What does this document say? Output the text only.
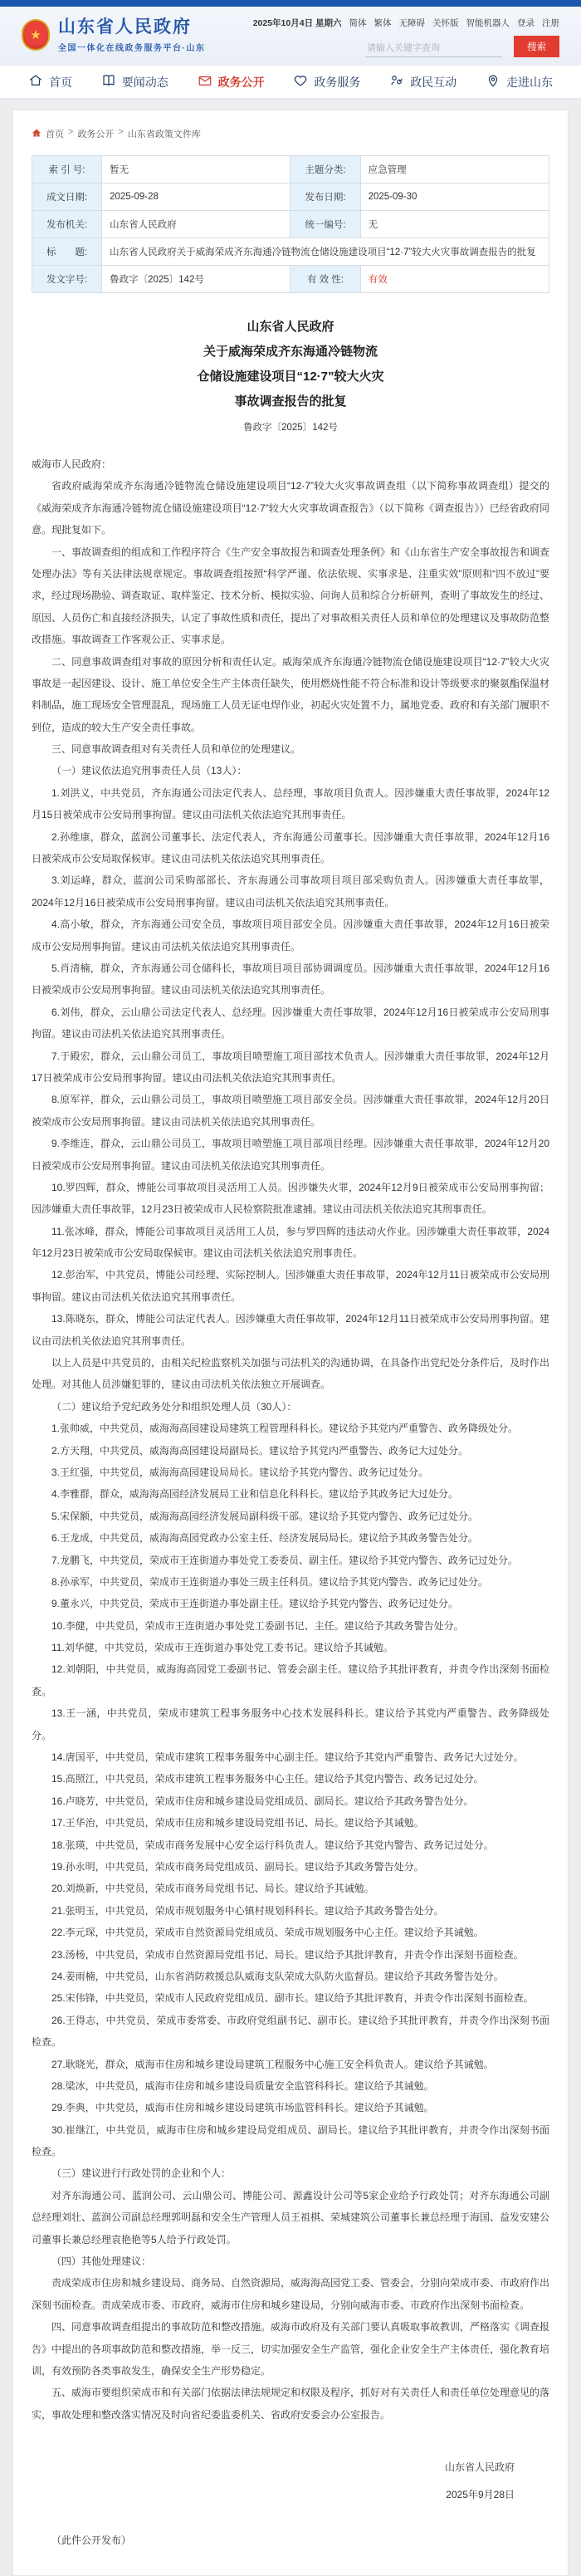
★
山东省人民政府
全国一体化在线政务服务平台·山东
2025年10月4日 星期六 简体 繁体 无障碍 关怀版 智能机器人 登录 注册
请输入关键字查询
搜索
首页	要闻动态	政务公开	政务服务	政民互动	走进山东
首页 > 政务公开 > 山东省政策文件库
索 引 号:	暂无	主题分类:	应急管理
成文日期:	2025-09-28	发布日期:	2025-09-30
发布机关:	山东省人民政府	统一编号:	无
标　　题:	山东省人民政府关于威海荣成齐东海通冷链物流仓储设施建设项目“12·7”较大火灾事故调查报告的批复		
发文字号:	鲁政字〔2025〕142号	有 效 性:	有效
山东省人民政府
关于威海荣成齐东海通冷链物流
仓储设施建设项目“12·7”较大火灾
事故调查报告的批复
鲁政字〔2025〕142号

威海市人民政府：

省政府威海荣成齐东海通冷链物流仓储设施建设项目“12·7”较大火灾事故调查组（以下简称事故调查组）提交的《威海荣成齐东海通冷链物流仓储设施建设项目“12·7”较大火灾事故调查报告》（以下简称《调查报告》）已经省政府同意。现批复如下。

一、事故调查组的组成和工作程序符合《生产安全事故报告和调查处理条例》和《山东省生产安全事故报告和调查处理办法》等有关法律法规章规定。事故调查组按照“科学严谨、依法依规、实事求是、注重实效”原则和“四不放过”要求，经过现场勘验、调查取证、取样鉴定、技术分析、模拟实验、问询人员和综合分析研判，查明了事故发生的经过、原因、人员伤亡和直接经济损失，认定了事故性质和责任，提出了对事故相关责任人员和单位的处理建议及事故防范整改措施。事故调查工作客观公正、实事求是。

二、同意事故调查组对事故的原因分析和责任认定。威海荣成齐东海通冷链物流仓储设施建设项目“12·7”较大火灾事故是一起因建设、设计、施工单位安全生产主体责任缺失，使用燃烧性能不符合标准和设计等级要求的聚氨酯保温材料制品，施工现场安全管理混乱，现场施工人员无证电焊作业，初起火灾处置不力，属地党委、政府和有关部门履职不到位，造成的较大生产安全责任事故。

三、同意事故调查组对有关责任人员和单位的处理建议。

（一）建议依法追究刑事责任人员（13人）：

1.刘洪义，中共党员，齐东海通公司法定代表人、总经理，事故项目负责人。因涉嫌重大责任事故罪，2024年12月15日被荣成市公安局刑事拘留。建议由司法机关依法追究其刑事责任。

2.孙维康，群众，蓝润公司董事长、法定代表人，齐东海通公司董事长。因涉嫌重大责任事故罪，2024年12月16日被荣成市公安局取保候审。建议由司法机关依法追究其刑事责任。

3.刘运峰，群众，蓝润公司采购部部长、齐东海通公司事故项目项目部采购负责人。因涉嫌重大责任事故罪，2024年12月16日被荣成市公安局刑事拘留。建议由司法机关依法追究其刑事责任。

4.高小敏，群众，齐东海通公司安全员，事故项目项目部安全员。因涉嫌重大责任事故罪，2024年12月16日被荣成市公安局刑事拘留。建议由司法机关依法追究其刑事责任。

5.肖清楠，群众，齐东海通公司仓储科长，事故项目项目部协调调度员。因涉嫌重大责任事故罪，2024年12月16日被荣成市公安局刑事拘留。建议由司法机关依法追究其刑事责任。

6.刘伟，群众，云山鼎公司法定代表人、总经理。因涉嫌重大责任事故罪，2024年12月16日被荣成市公安局刑事拘留。建议由司法机关依法追究其刑事责任。

7.于殿宏，群众，云山鼎公司员工，事故项目喷塑施工项目部技术负责人。因涉嫌重大责任事故罪，2024年12月17日被荣成市公安局刑事拘留。建议由司法机关依法追究其刑事责任。

8.原军祥，群众，云山鼎公司员工，事故项目喷塑施工项目部安全员。因涉嫌重大责任事故罪，2024年12月20日被荣成市公安局刑事拘留。建议由司法机关依法追究其刑事责任。

9.李维连，群众，云山鼎公司员工，事故项目喷塑施工项目部项目经理。因涉嫌重大责任事故罪，2024年12月20日被荣成市公安局刑事拘留。建议由司法机关依法追究其刑事责任。

10.罗四辉，群众，博能公司事故项目灵活用工人员。因涉嫌失火罪，2024年12月9日被荣成市公安局刑事拘留；因涉嫌重大责任事故罪，12月23日被荣成市人民检察院批准逮捕。建议由司法机关依法追究其刑事责任。

11.张冰峰，群众，博能公司事故项目灵活用工人员，参与罗四辉的违法动火作业。因涉嫌重大责任事故罪，2024年12月23日被荣成市公安局取保候审。建议由司法机关依法追究刑事责任。

12.彭治军，中共党员，博能公司经理、实际控制人。因涉嫌重大责任事故罪，2024年12月11日被荣成市公安局刑事拘留。建议由司法机关依法追究其刑事责任。

13.陈晓东，群众，博能公司法定代表人。因涉嫌重大责任事故罪，2024年12月11日被荣成市公安局刑事拘留。建议由司法机关依法追究其刑事责任。

以上人员是中共党员的，由相关纪检监察机关加强与司法机关的沟通协调，在具备作出党纪处分条件后，及时作出处理。对其他人员涉嫌犯罪的，建议由司法机关依法独立开展调查。

（二）建议给予党纪政务处分和组织处理人员（30人）：

1.张帅威，中共党员，威海海高园建设局建筑工程管理科科长。建议给予其党内严重警告、政务降级处分。

2.方天翔，中共党员，威海海高园建设局副局长。建议给予其党内严重警告、政务记大过处分。

3.王红强，中共党员，威海海高园建设局局长。建议给予其党内警告、政务记过处分。

4.李雅群，群众，威海海高园经济发展局工业和信息化科科长。建议给予其政务记大过处分。

5.宋保额，中共党员，威海海高园经济发展局副科级干部。建议给予其党内警告、政务记过处分。

6.王龙成，中共党员，威海海高园党政办公室主任、经济发展局局长。建议给予其政务警告处分。

7.龙鹏飞，中共党员，荣成市王连街道办事处党工委委员、副主任。建议给予其党内警告、政务记过处分。

8.孙承军，中共党员，荣成市王连街道办事处三级主任科员。建议给予其党内警告、政务记过处分。

9.董永兴，中共党员，荣成市王连街道办事处副主任。建议给予其党内警告、政务记过处分。

10.李健，中共党员，荣成市王连街道办事处党工委副书记、主任。建议给予其政务警告处分。

11.刘华健，中共党员，荣成市王连街道办事处党工委书记。建议给予其诫勉。

12.刘朝阳，中共党员，威海海高园党工委副书记、管委会副主任。建议给予其批评教育，并责令作出深刻书面检查。

13.王一涵，中共党员，荣成市建筑工程事务服务中心技术发展科科长。建议给予其党内严重警告、政务降级处分。

14.唐国平，中共党员，荣成市建筑工程事务服务中心副主任。建议给予其党内严重警告、政务记大过处分。

15.高照江，中共党员，荣成市建筑工程事务服务中心主任。建议给予其党内警告、政务记过处分。

16.卢晓芳，中共党员，荣成市住房和城乡建设局党组成员、副局长。建议给予其政务警告处分。

17.王华治，中共党员，荣成市住房和城乡建设局党组书记、局长。建议给予其诫勉。

18.张瑛，中共党员，荣成市商务发展中心安全运行科负责人。建议给予其党内警告、政务记过处分。

19.孙永明，中共党员，荣成市商务局党组成员、副局长。建议给予其政务警告处分。

20.刘焕新，中共党员，荣成市商务局党组书记、局长。建议给予其诫勉。

21.张明玉，中共党员，荣成市规划服务中心镇村规划科科长。建议给予其政务警告处分。

22.李元琛，中共党员，荣成市自然资源局党组成员、荣成市规划服务中心主任。建议给予其诫勉。

23.汤杨，中共党员，荣成市自然资源局党组书记、局长。建议给予其批评教育，并责令作出深刻书面检查。

24.姜雨楠，中共党员，山东省消防救援总队威海支队荣成大队防火监督员。建议给予其政务警告处分。

25.宋伟锋，中共党员，荣成市人民政府党组成员、副市长。建议给予其批评教育，并责令作出深刻书面检查。

26.王得志，中共党员，荣成市委常委、市政府党组副书记、副市长。建议给予其批评教育，并责令作出深刻书面检查。

27.耿晓光，群众，威海市住房和城乡建设局建筑工程服务中心施工安全科负责人。建议给予其诫勉。

28.梁冰，中共党员，威海市住房和城乡建设局质量安全监管科科长。建议给予其诫勉。

29.李典，中共党员，威海市住房和城乡建设局建筑市场监管科科长。建议给予其诫勉。

30.崔继江，中共党员，威海市住房和城乡建设局党组成员、副局长。建议给予其批评教育，并责令作出深刻书面检查。

（三）建议进行行政处罚的企业和个人：

对齐东海通公司、蓝润公司、云山鼎公司、博能公司、源鑫设计公司等5家企业给予行政处罚；对齐东海通公司副总经理刘壮、蓝润公司副总经理郭明磊和安全生产管理人员王祖棋、荣城建筑公司董事长兼总经理于海国、益发安建公司董事长兼总经理袁艳艳等5人给予行政处罚。

（四）其他处理建议：

责成荣成市住房和城乡建设局、商务局、自然资源局，威海海高园党工委、管委会，分别向荣成市委、市政府作出深刻书面检查。责成荣成市委、市政府，威海市住房和城乡建设局，分别向威海市委、市政府作出深刻书面检查。

四、同意事故调查组提出的事故防范和整改措施。威海市政府及有关部门要认真吸取事故教训，严格落实《调查报告》中提出的各项事故防范和整改措施，举一反三，切实加强安全生产监管，强化企业安全生产主体责任，强化教育培训，有效预防各类事故发生，确保安全生产形势稳定。

五、威海市要组织荣成市和有关部门依据法律法规规定和权限及程序，抓好对有关责任人和责任单位处理意见的落实，事故处理和整改落实情况及时向省纪委监委机关、省政府安委会办公室报告。

山东省人民政府
2025年9月28日
（此件公开发布）
